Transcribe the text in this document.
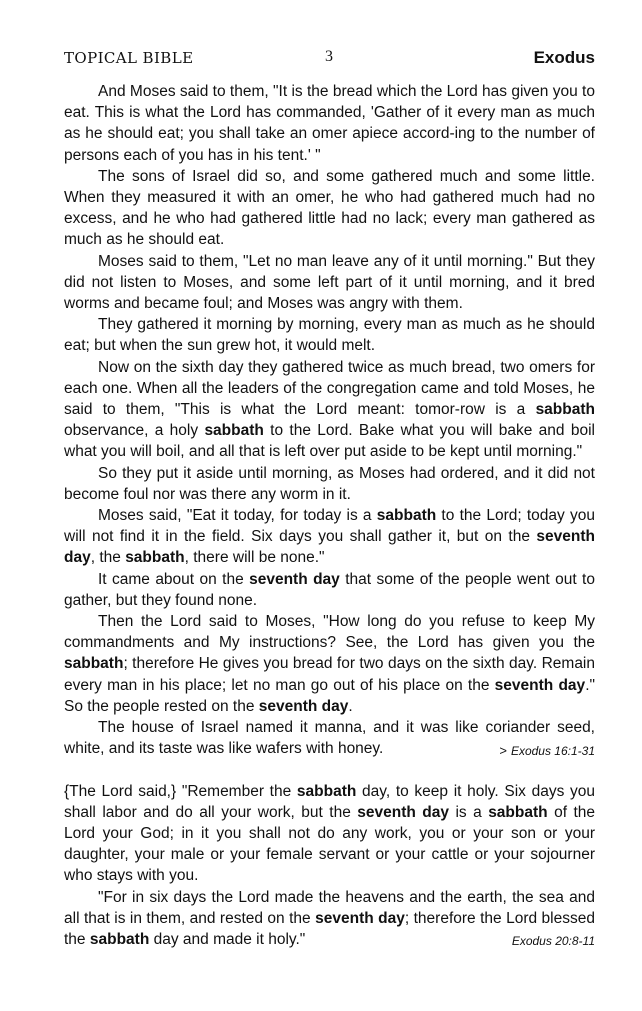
TOPICAL BIBLE	3	Exodus

And Moses said to them, "It is the bread which the Lord has given you to eat. This is what the Lord has commanded, 'Gather of it every man as much as he should eat; you shall take an omer apiece accord-ing to the number of persons each of you has in his tent.' "

The sons of Israel did so, and some gathered much and some little. When they measured it with an omer, he who had gathered much had no excess, and he who had gathered little had no lack; every man gathered as much as he should eat.

Moses said to them, "Let no man leave any of it until morning." But they did not listen to Moses, and some left part of it until morning, and it bred worms and became foul; and Moses was angry with them.

They gathered it morning by morning, every man as much as he should eat; but when the sun grew hot, it would melt.

Now on the sixth day they gathered twice as much bread, two omers for each one. When all the leaders of the congregation came and told Moses, he said to them, "This is what the Lord meant: tomor-row is a sabbath observance, a holy sabbath to the Lord. Bake what you will bake and boil what you will boil, and all that is left over put aside to be kept until morning."

So they put it aside until morning, as Moses had ordered, and it did not become foul nor was there any worm in it.

Moses said, "Eat it today, for today is a sabbath to the Lord; today you will not find it in the field. Six days you shall gather it, but on the seventh day, the sabbath, there will be none."

It came about on the seventh day that some of the people went out to gather, but they found none.

Then the Lord said to Moses, "How long do you refuse to keep My commandments and My instructions? See, the Lord has given you the sabbath; therefore He gives you bread for two days on the sixth day. Remain every man in his place; let no man go out of his place on the seventh day." So the people rested on the seventh day.

The house of Israel named it manna, and it was like coriander seed, white, and its taste was like wafers with honey.	> Exodus 16:1-31

{The Lord said,} "Remember the sabbath day, to keep it holy. Six days you shall labor and do all your work, but the seventh day is a sabbath of the Lord your God; in it you shall not do any work, you or your son or your daughter, your male or your female servant or your cattle or your sojourner who stays with you.

"For in six days the Lord made the heavens and the earth, the sea and all that is in them, and rested on the seventh day; therefore the Lord blessed the sabbath day and made it holy."	Exodus 20:8-11
